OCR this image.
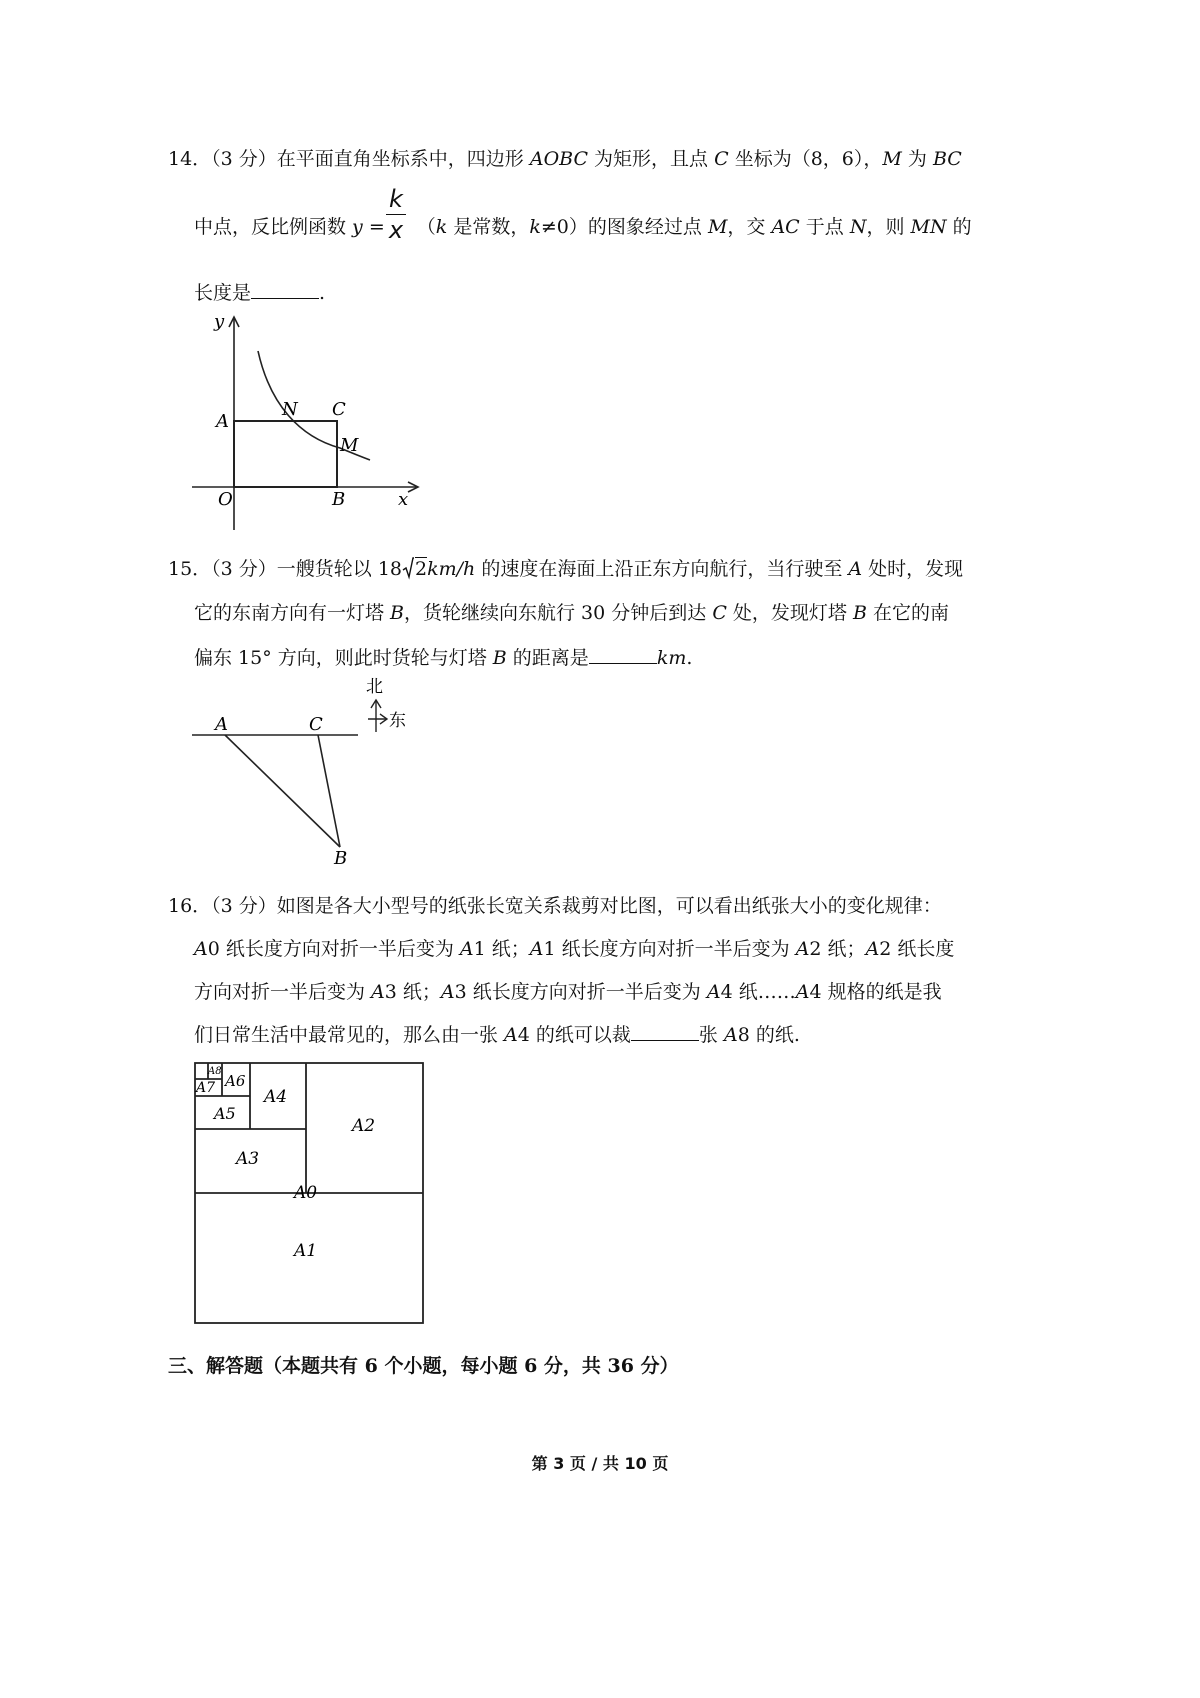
14．（3 分）在平面直角坐标系中，四边形 AOBC 为矩形，且点 C 坐标为（8，6），M 为 BC
中点，反比例函数 y = （k 是常数，k≠0）的图象经过点 M，交 AC 于点 N，则 MN 的
k
x
长度是	.
y
x
O
A
B
C
M
N
15．（3 分）一艘货轮以 18 2km/h 的速度在海面上沿正东方向航行，当行驶至 A 处时，发现
它的东南方向有一灯塔 B，货轮继续向东航行 30 分钟后到达 C 处，发现灯塔 B 在它的南
偏东 15° 方向，则此时货轮与灯塔 B 的距离是	km.
A	C
B
北
东
16．（3 分）如图是各大小型号的纸张长宽关系裁剪对比图，可以看出纸张大小的变化规律：
A0 纸长度方向对折一半后变为 A1 纸；A1 纸长度方向对折一半后变为 A2 纸；A2 纸长度
方向对折一半后变为 A3 纸；A3 纸长度方向对折一半后变为 A4 纸……A4 规格的纸是我
们日常生活中最常见的，那么由一张 A4 的纸可以裁	张 A8 的纸.
A0
A1
A2
A3
A4
A5
A6
A7
A8
三、解答题（本题共有 6 个小题，每小题 6 分，共 36 分）
第 3 页 / 共 10 页
